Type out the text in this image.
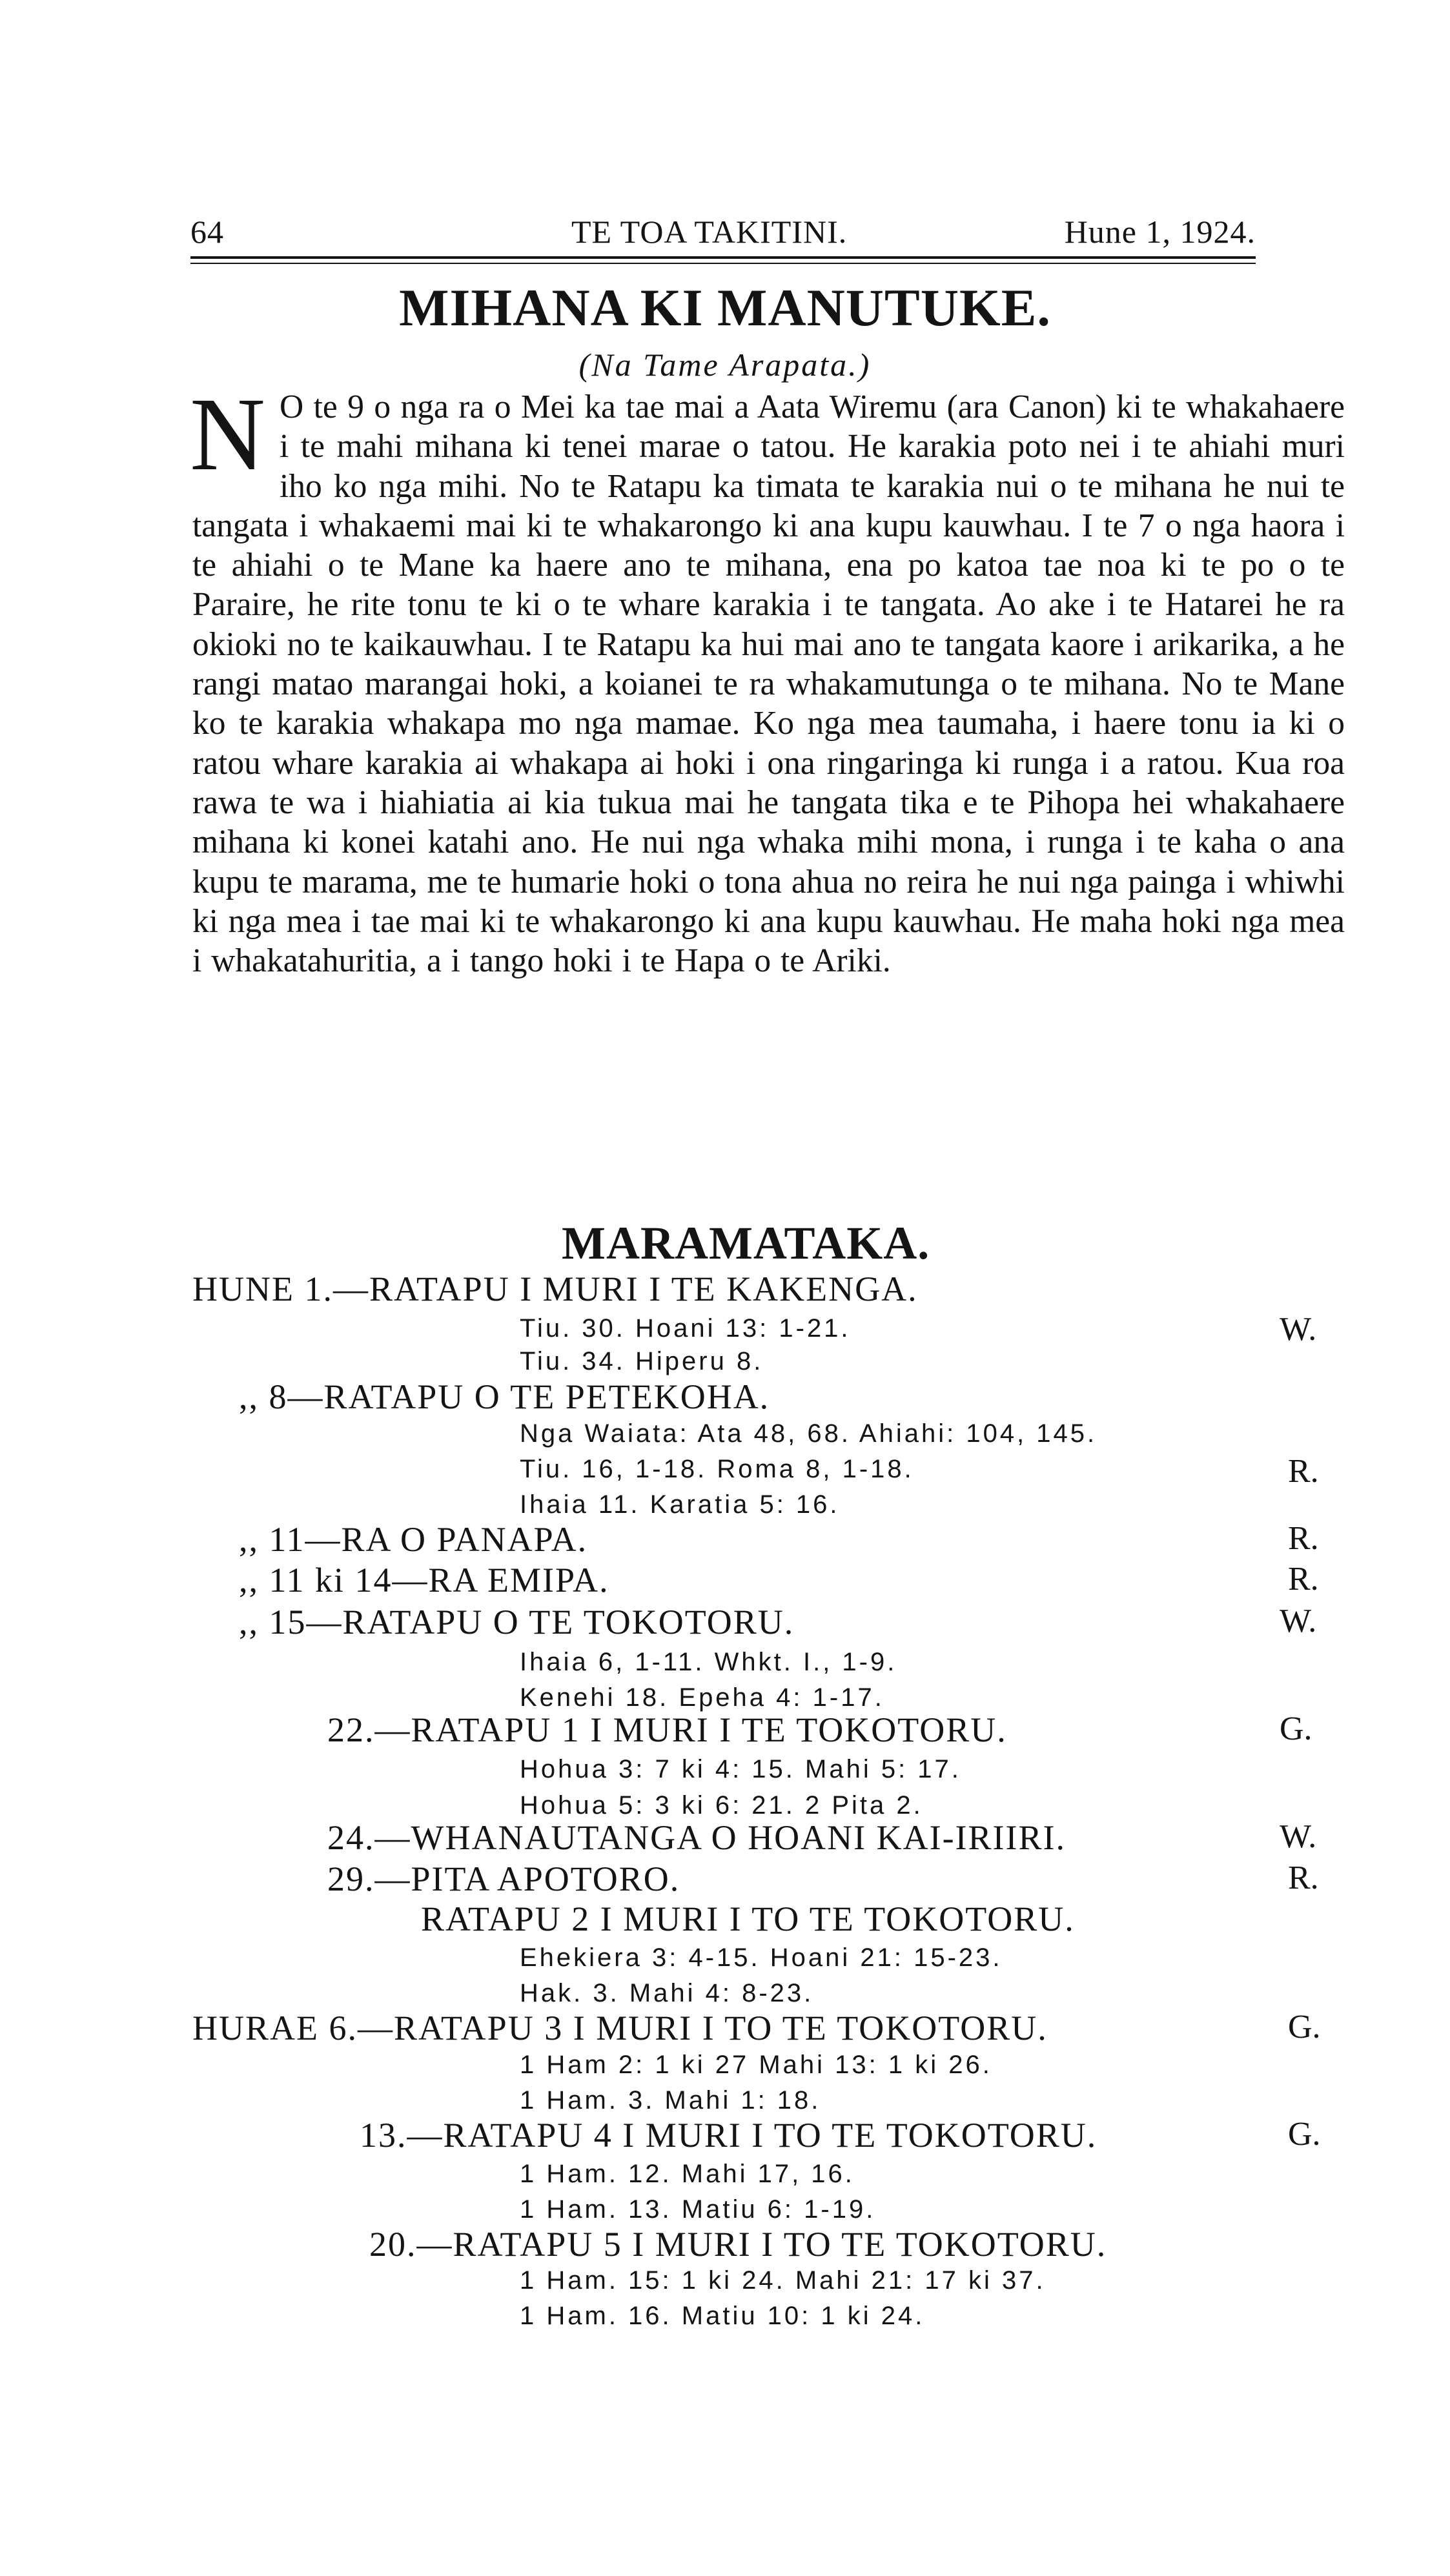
64	TE TOA TAKITINI.	Hune 1, 1924.
MIHANA KI MANUTUKE.
(Na Tame Arapata.)
N O te 9 o nga ra o Mei ka tae mai a Aata Wiremu (ara Canon) ki te whakahaere i te mahi mihana ki tenei marae o tatou. He karakia poto nei i te ahiahi muri iho ko nga mihi. No te Ratapu ka timata te karakia nui o te mihana he nui te tangata i whakaemi mai ki te whakarongo ki ana kupu kauwhau. I te 7 o nga haora i te ahiahi o te Mane ka haere ano te mihana, ena po katoa tae noa ki te po o te Paraire, he rite tonu te ki o te whare karakia i te tangata. Ao ake i te Hatarei he ra okioki no te kaikauwhau. I te Ratapu ka hui mai ano te tangata kaore i arikarika, a he rangi matao marangai hoki, a koianei te ra whakamutunga o te mihana. No te Mane ko te karakia whakapa mo nga mamae. Ko nga mea taumaha, i haere tonu ia ki o ratou whare karakia ai whakapa ai hoki i ona ringaringa ki runga i a ratou. Kua roa rawa te wa i hiahiatia ai kia tukua mai he tangata tika e te Pihopa hei whakahaere mihana ki konei katahi ano. He nui nga whaka mihi mona, i runga i te kaha o ana kupu te marama, me te humarie hoki o tona ahua no reira he nui nga painga i whiwhi ki nga mea i tae mai ki te whakarongo ki ana kupu kauwhau. He maha hoki nga mea i whakatahuritia, a i tango hoki i te Hapa o te Ariki.
MARAMATAKA.
HUNE 1.—RATAPU I MURI I TE KAKENGA.
Tiu. 30. Hoani 13: 1-21.	W.
Tiu. 34. Hiperu 8.
,, 8—RATAPU O TE PETEKOHA.
Nga Waiata: Ata 48, 68. Ahiahi: 104, 145.
Tiu. 16, 1-18. Roma 8, 1-18.	R.
Ihaia 11. Karatia 5: 16.
,, 11—RA O PANAPA.	R.
,, 11 ki 14—RA EMIPA.	R.
,, 15—RATAPU O TE TOKOTORU.	W.
Ihaia 6, 1-11. Whkt. I., 1-9.
Kenehi 18. Epeha 4: 1-17.
22.—RATAPU 1 I MURI I TE TOKOTORU.	G.
Hohua 3: 7 ki 4: 15. Mahi 5: 17.
Hohua 5: 3 ki 6: 21. 2 Pita 2.
24.—WHANAUTANGA O HOANI KAI-IRIIRI.	W.
29.—PITA APOTORO.	R.
RATAPU 2 I MURI I TO TE TOKOTORU.
Ehekiera 3: 4-15. Hoani 21: 15-23.
Hak. 3. Mahi 4: 8-23.
HURAE 6.—RATAPU 3 I MURI I TO TE TOKOTORU.	G.
1 Ham 2: 1 ki 27 Mahi 13: 1 ki 26.
1 Ham. 3. Mahi 1: 18.
13.—RATAPU 4 I MURI I TO TE TOKOTORU.	G.
1 Ham. 12. Mahi 17, 16.
1 Ham. 13. Matiu 6: 1-19.
20.—RATAPU 5 I MURI I TO TE TOKOTORU.
1 Ham. 15: 1 ki 24. Mahi 21: 17 ki 37.
1 Ham. 16. Matiu 10: 1 ki 24.
